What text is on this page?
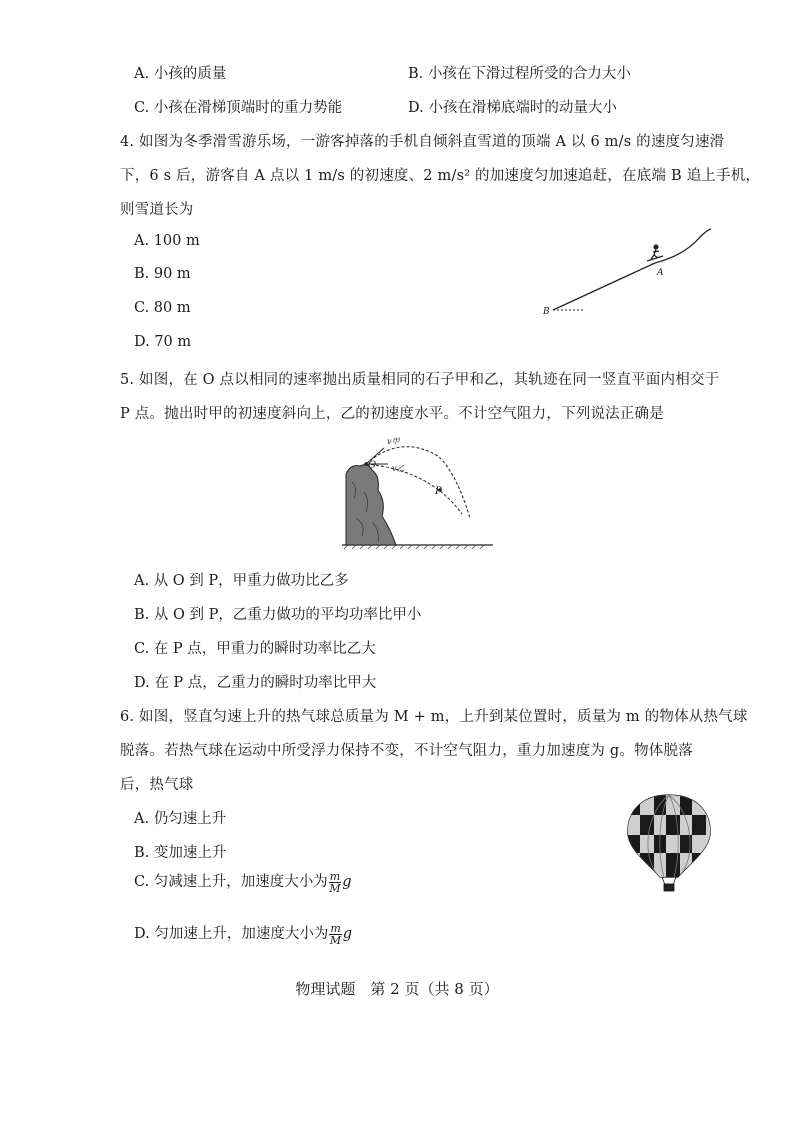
A. 小孩的质量	B. 小孩在下滑过程所受的合力大小
C. 小孩在滑梯顶端时的重力势能	D. 小孩在滑梯底端时的动量大小
4. 如图为冬季滑雪游乐场，一游客掉落的手机自倾斜直雪道的顶端 A 以 6 m/s 的速度匀速滑
下，6 s 后，游客自 A 点以 1 m/s 的初速度、2 m/s² 的加速度匀加速追赶，在底端 B 追上手机，
则雪道长为
A. 100 m
B. 90 m
C. 80 m
D. 70 m
A
B
5. 如图，在 O 点以相同的速率抛出质量相同的石子甲和乙，其轨迹在同一竖直平面内相交于
P 点。抛出时甲的初速度斜向上，乙的初速度水平。不计空气阻力，下列说法正确是
v甲
v乙
O
P
A. 从 O 到 P，甲重力做功比乙多
B. 从 O 到 P，乙重力做功的平均功率比甲小
C. 在 P 点，甲重力的瞬时功率比乙大
D. 在 P 点，乙重力的瞬时功率比甲大
6. 如图，竖直匀速上升的热气球总质量为 M + m，上升到某位置时，质量为 m 的物体从热气球
脱落。若热气球在运动中所受浮力保持不变，不计空气阻力，重力加速度为 g。物体脱落
后，热气球
A. 仍匀速上升
B. 变加速上升
C. 匀减速上升，加速度大小为 $\frac{m}{M}$ g
D. 匀加速上升，加速度大小为 $\frac{m}{M}$ g
物理试题　第 2 页（共 8 页）
